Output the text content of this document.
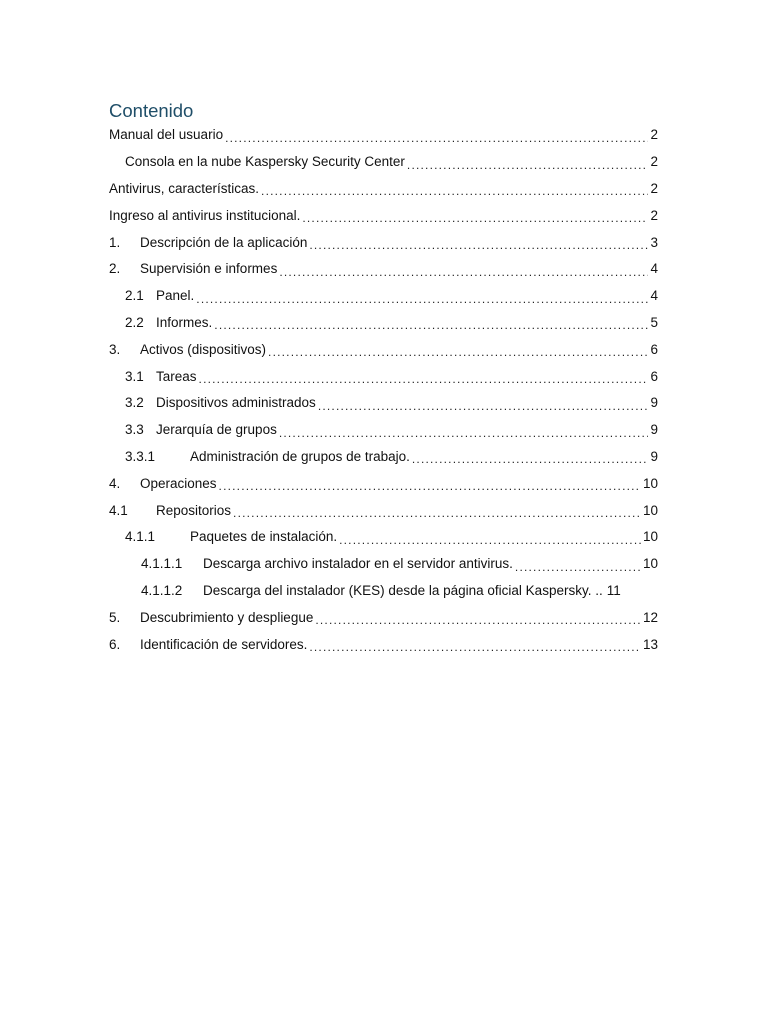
Contenido
Manual del usuario .....	2
Consola en la nube Kaspersky Security Center .....	2
Antivirus, características. .....	2
Ingreso al antivirus institucional. .....	2
1.	Descripción de la aplicación .....	3
2.	Supervisión e informes .....	4
2.1 Panel. .....	4
2.2 Informes. .....	5
3.	Activos (dispositivos) .....	6
3.1 Tareas .....	6
3.2 Dispositivos administrados .....	9
3.3 Jerarquía de grupos .....	9
3.3.1	Administración de grupos de trabajo. .....	9
4.	Operaciones .....	10
4.1	Repositorios .....	10
4.1.1	Paquetes de instalación. .....	10
4.1.1.1	Descarga archivo instalador en el servidor antivirus. .....	10
4.1.1.2	Descarga del instalador (KES) desde la página oficial Kaspersky. .. 11
5.	Descubrimiento y despliegue .....	12
6.	Identificación de servidores. .....	13
